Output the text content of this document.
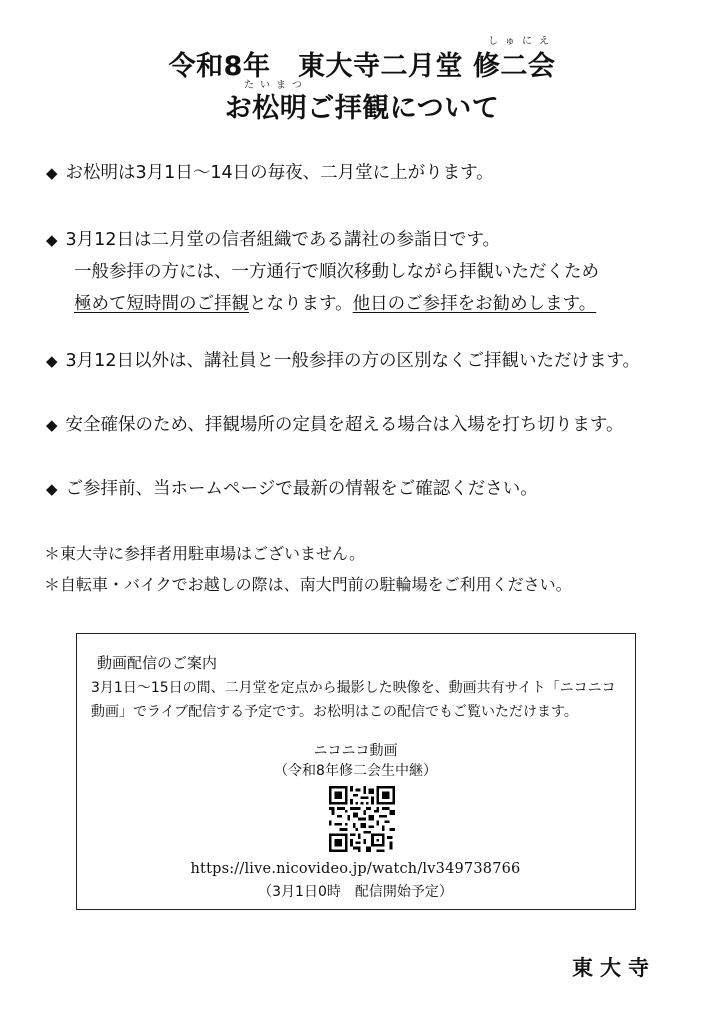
令和8年　東大寺二月堂 修二会
しゅにえ
お松明ご拝観について
たいまつ
◆ お松明は3月1日～14日の毎夜、二月堂に上がります。
◆ 3月12日は二月堂の信者組織である講社の参詣日です。
一般参拝の方には、一方通行で順次移動しながら拝観いただくため
極めて短時間のご拝観となります。他日のご参拝をお勧めします。
◆ 3月12日以外は、講社員と一般参拝の方の区別なくご拝観いただけます。
◆ 安全確保のため、拝観場所の定員を超える場合は入場を打ち切ります。
◆ ご参拝前、当ホームページで最新の情報をご確認ください。
＊東大寺に参拝者用駐車場はございません。
＊自転車・バイクでお越しの際は、南大門前の駐輪場をご利用ください。
動画配信のご案内
3月1日～15日の間、二月堂を定点から撮影した映像を、動画共有サイト「ニコニコ
動画」でライブ配信する予定です。お松明はこの配信でもご覧いただけます。
ニコニコ動画
（令和8年修二会生中継）
https://live.nicovideo.jp/watch/lv349738766
（3月1日0時　配信開始予定）
東大寺
